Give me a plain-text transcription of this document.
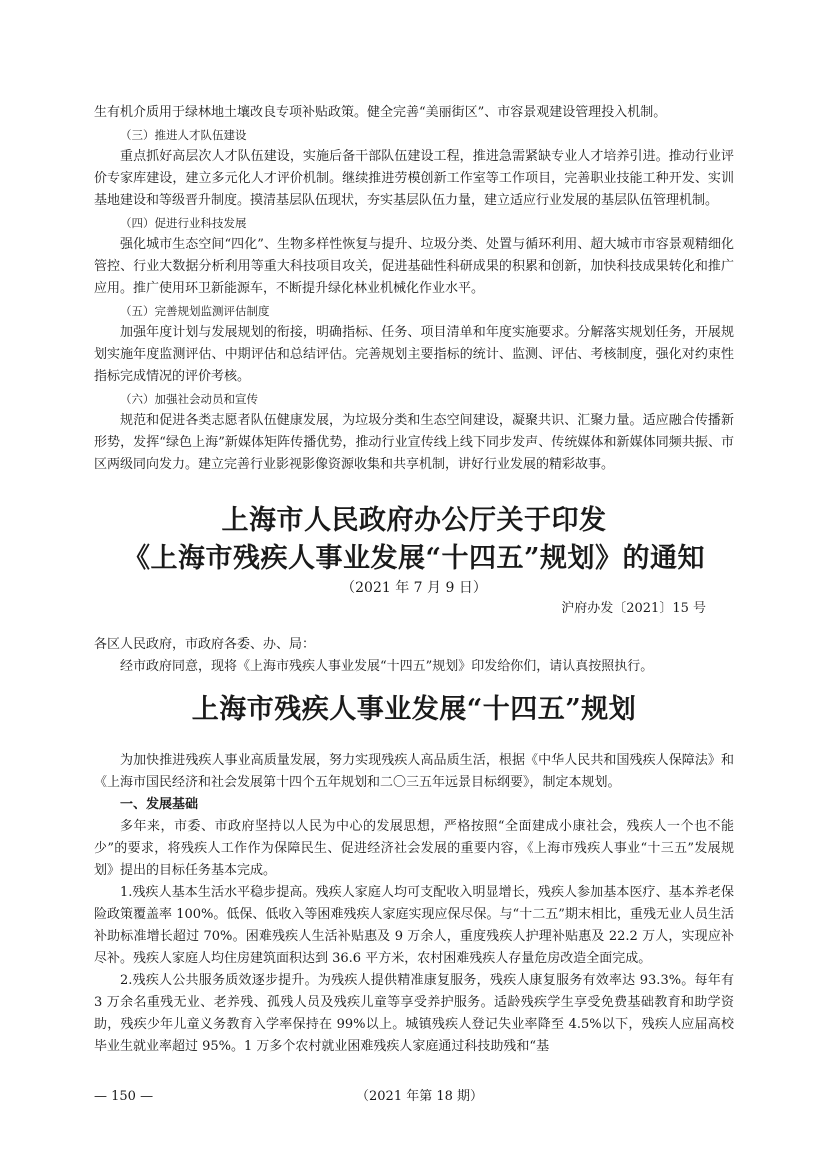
生有机介质用于绿林地土壤改良专项补贴政策。健全完善“美丽街区”、市容景观建设管理投入机制。

（三）推进人才队伍建设

重点抓好高层次人才队伍建设，实施后备干部队伍建设工程，推进急需紧缺专业人才培养引进。推动行业评价专家库建设，建立多元化人才评价机制。继续推进劳模创新工作室等工作项目，完善职业技能工种开发、实训基地建设和等级晋升制度。摸清基层队伍现状，夯实基层队伍力量，建立适应行业发展的基层队伍管理机制。

（四）促进行业科技发展

强化城市生态空间“四化”、生物多样性恢复与提升、垃圾分类、处置与循环利用、超大城市市容景观精细化管控、行业大数据分析利用等重大科技项目攻关，促进基础性科研成果的积累和创新，加快科技成果转化和推广应用。推广使用环卫新能源车，不断提升绿化林业机械化作业水平。

（五）完善规划监测评估制度

加强年度计划与发展规划的衔接，明确指标、任务、项目清单和年度实施要求。分解落实规划任务，开展规划实施年度监测评估、中期评估和总结评估。完善规划主要指标的统计、监测、评估、考核制度，强化对约束性指标完成情况的评价考核。

（六）加强社会动员和宣传

规范和促进各类志愿者队伍健康发展，为垃圾分类和生态空间建设，凝聚共识、汇聚力量。适应融合传播新形势，发挥“绿色上海”新媒体矩阵传播优势，推动行业宣传线上线下同步发声、传统媒体和新媒体同频共振、市区两级同向发力。建立完善行业影视影像资源收集和共享机制，讲好行业发展的精彩故事。

上海市人民政府办公厅关于印发

《上海市残疾人事业发展“十四五”规划》的通知

（2021 年 7 月 9 日）

沪府办发〔2021〕15 号

各区人民政府，市政府各委、办、局：

经市政府同意，现将《上海市残疾人事业发展“十四五”规划》印发给你们，请认真按照执行。

上海市残疾人事业发展“十四五”规划

为加快推进残疾人事业高质量发展，努力实现残疾人高品质生活，根据《中华人民共和国残疾人保障法》和《上海市国民经济和社会发展第十四个五年规划和二〇三五年远景目标纲要》，制定本规划。

一、发展基础

多年来，市委、市政府坚持以人民为中心的发展思想，严格按照“全面建成小康社会，残疾人一个也不能少”的要求，将残疾人工作作为保障民生、促进经济社会发展的重要内容，《上海市残疾人事业“十三五”发展规划》提出的目标任务基本完成。

1.残疾人基本生活水平稳步提高。残疾人家庭人均可支配收入明显增长，残疾人参加基本医疗、基本养老保险政策覆盖率 100%。低保、低收入等困难残疾人家庭实现应保尽保。与“十二五”期末相比，重残无业人员生活补助标准增长超过 70%。困难残疾人生活补贴惠及 9 万余人，重度残疾人护理补贴惠及 22.2 万人，实现应补尽补。残疾人家庭人均住房建筑面积达到 36.6 平方米，农村困难残疾人存量危房改造全面完成。

2.残疾人公共服务质效逐步提升。为残疾人提供精准康复服务，残疾人康复服务有效率达 93.3%。每年有 3 万余名重残无业、老养残、孤残人员及残疾儿童等享受养护服务。适龄残疾学生享受免费基础教育和助学资助，残疾少年儿童义务教育入学率保持在 99%以上。城镇残疾人登记失业率降至 4.5%以下，残疾人应届高校毕业生就业率超过 95%。1 万多个农村就业困难残疾人家庭通过科技助残和“基

— 150 —	（2021 年第 18 期）
